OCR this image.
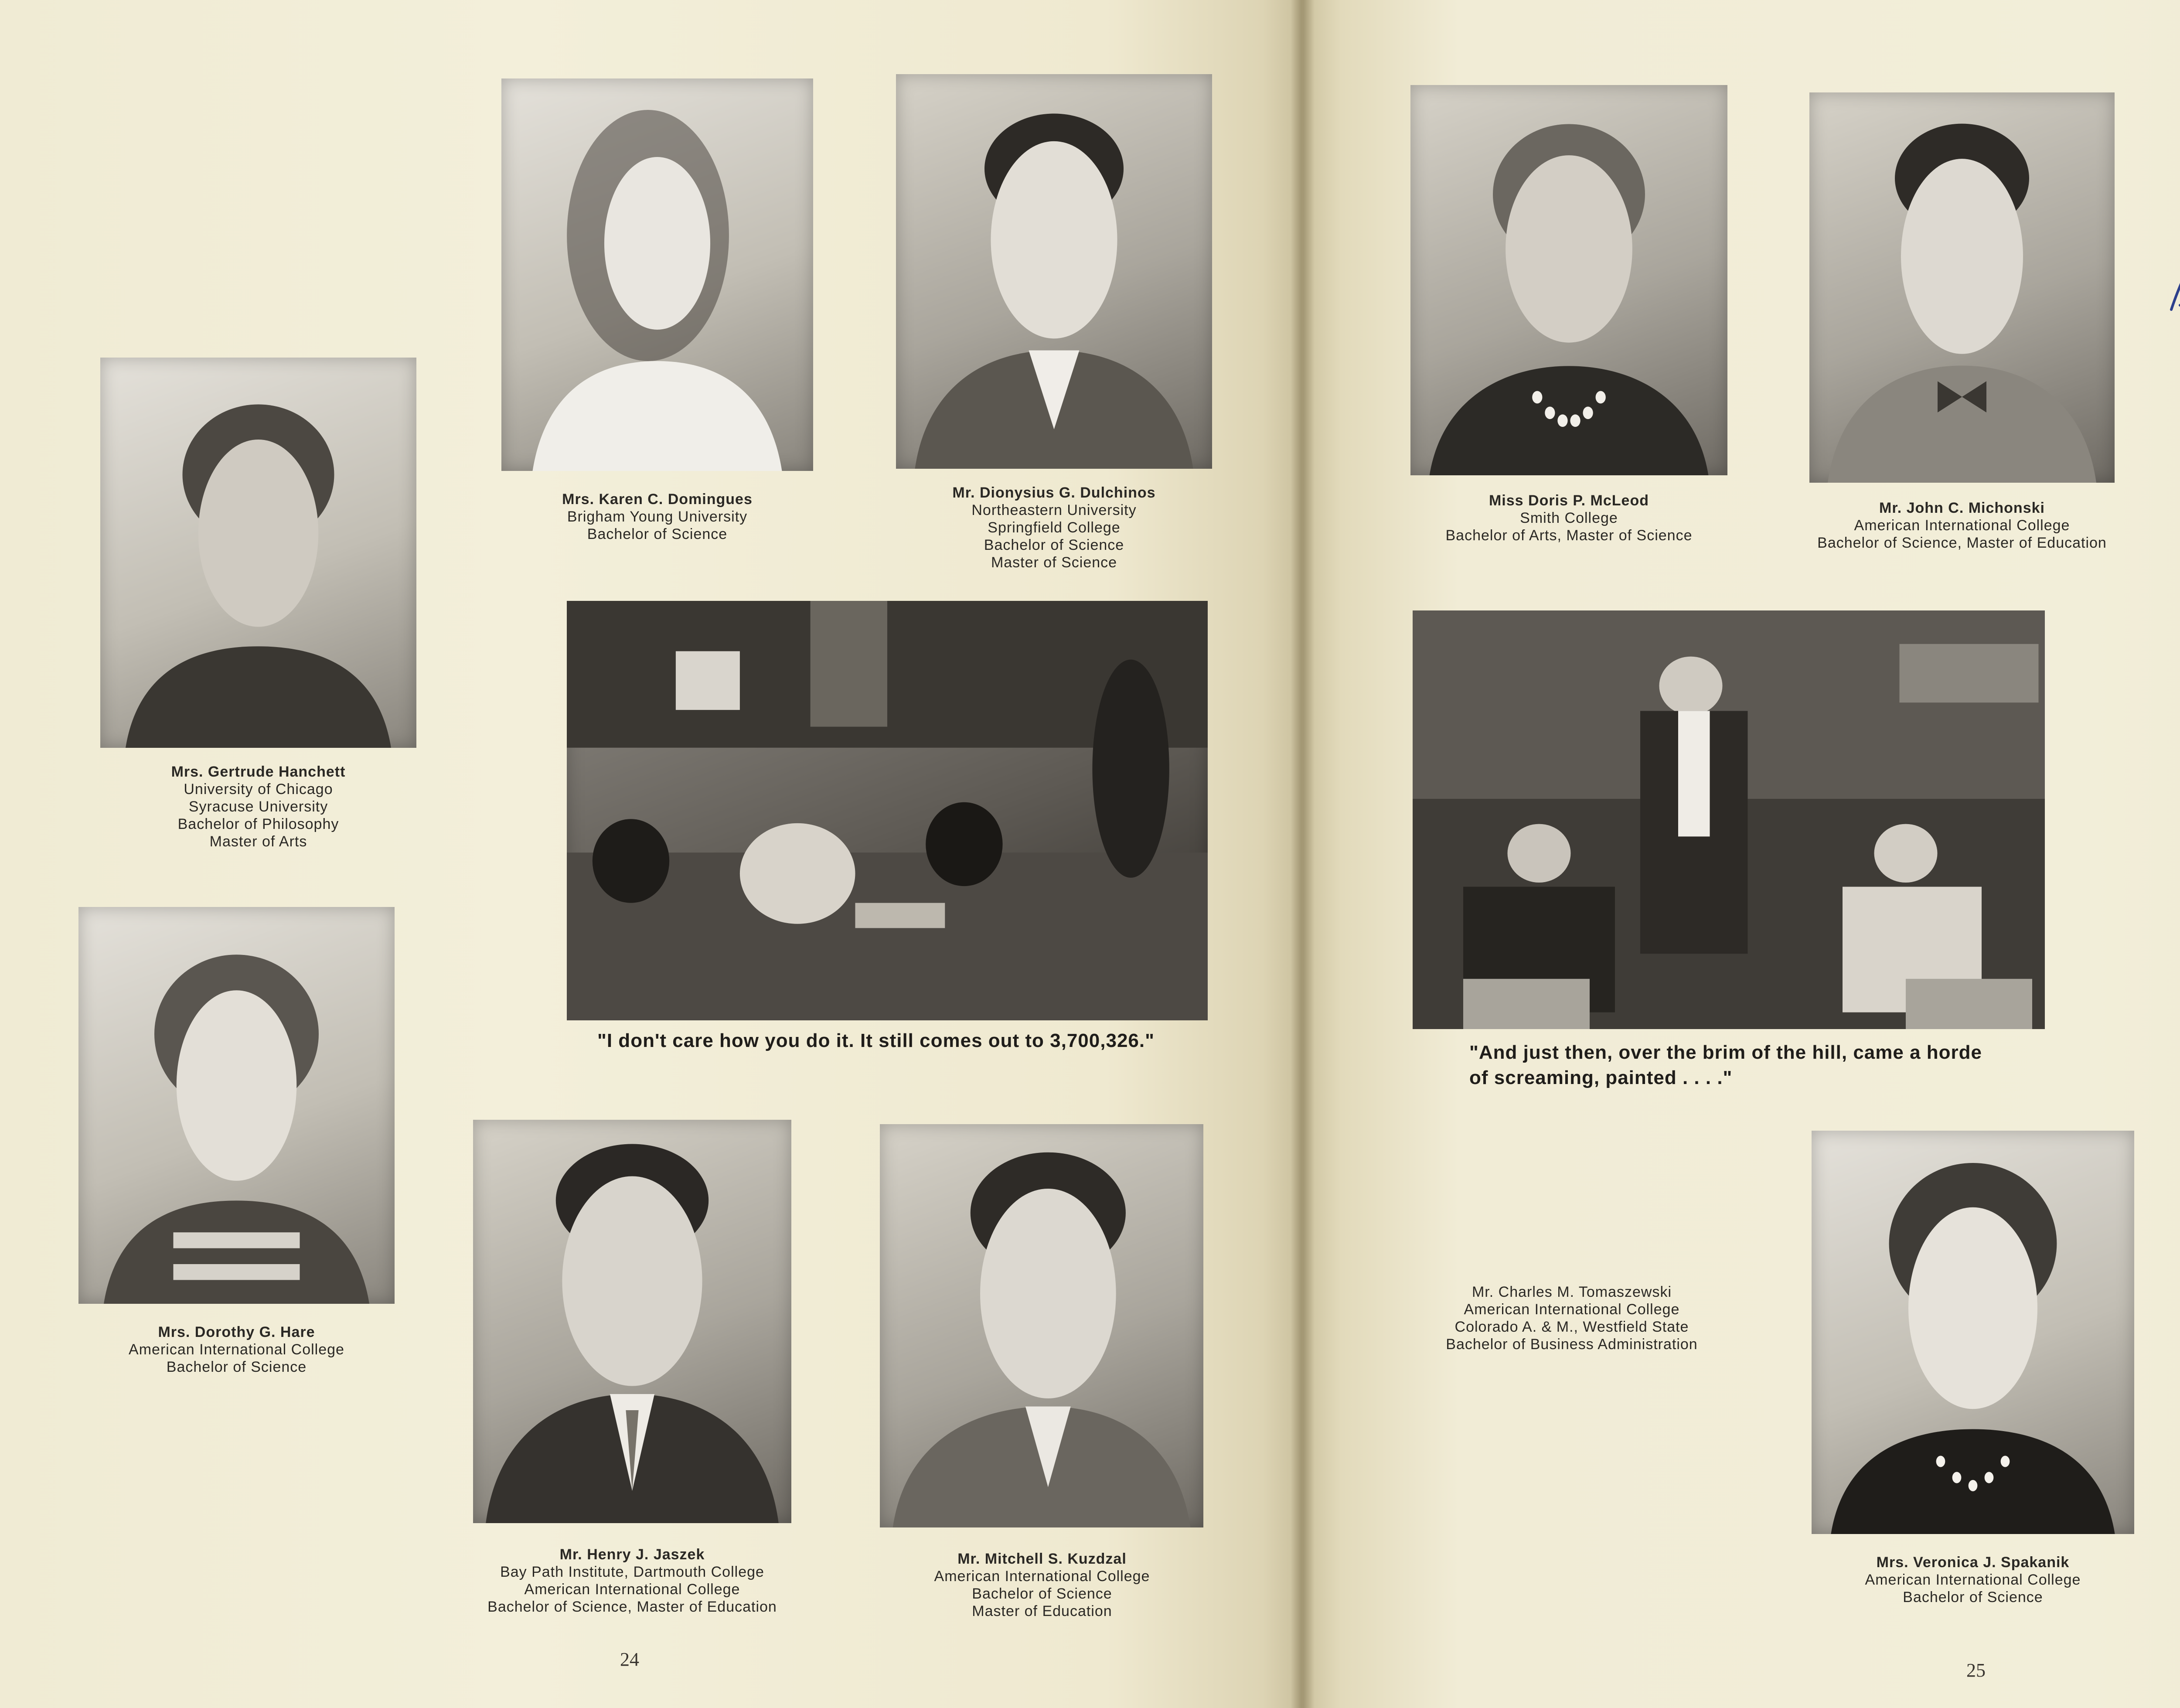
Mrs. Karen C. Domingues
Brigham Young University
Bachelor of Science
Mr. Dionysius G. Dulchinos
Northeastern University
Springfield College
Bachelor of Science
Master of Science
Mrs. Gertrude Hanchett
University of Chicago
Syracuse University
Bachelor of Philosophy
Master of Arts
"I don't care how you do it. It still comes out to 3,700,326."
Mrs. Dorothy G. Hare
American International College
Bachelor of Science
Mr. Henry J. Jaszek
Bay Path Institute, Dartmouth College
American International College
Bachelor of Science, Master of Education
Mr. Mitchell S. Kuzdzal
American International College
Bachelor of Science
Master of Education
24
Miss Doris P. McLeod
Smith College
Bachelor of Arts, Master of Science
Mr. John C. Michonski
American International College
Bachelor of Science, Master of Education
"And just then, over the brim of the hill, came a horde
of screaming, painted . . . ."
Mr. Charles M. Tomaszewski
American International College
Colorado A. & M., Westfield State
Bachelor of Business Administration
Mrs. Veronica J. Spakanik
American International College
Bachelor of Science
25
